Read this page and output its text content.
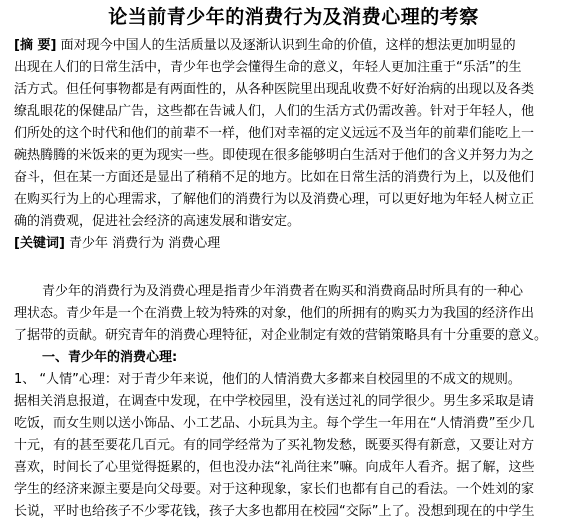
论当前青少年的消费行为及消费心理的考察
[摘 要] 面对现今中国人的生活质量以及逐渐认识到生命的价值，这样的想法更加明显的
出现在人们的日常生活中，青少年也学会懂得生命的意义，年轻人更加注重于“乐活”的生
活方式。但任何事物都是有两面性的，从各种医院里出现乱收费不好好治病的出现以及各类
缭乱眼花的保健品广告，这些都在告诫人们，人们的生活方式仍需改善。针对于年轻人，他
们所处的这个时代和他们的前辈不一样，他们对幸福的定义远远不及当年的前辈们能吃上一
碗热腾腾的米饭来的更为现实一些。即使现在很多能够明白生活对于他们的含义并努力为之
奋斗，但在某一方面还是显出了稍稍不足的地方。比如在日常生活的消费行为上，以及他们
在购买行为上的心理需求，了解他们的消费行为以及消费心理，可以更好地为年轻人树立正
确的消费观，促进社会经济的高速发展和谐安定。
[关键词] 青少年 消费行为 消费心理
青少年的消费行为及消费心理是指青少年消费者在购买和消费商品时所具有的一种心
理状态。青少年是一个在消费上较为特殊的对象，他们的所拥有的购买力为我国的经济作出
了据带的贡献。研究青年的消费心理特征，对企业制定有效的营销策略具有十分重要的意义。
一、青少年的消费心理:
1、 “人情”心理：对于青少年来说，他们的人情消费大多都来自校园里的不成文的规则。
据相关消息报道，在调查中发现，在中学校园里，没有送过礼的同学很少。男生多采取是请
吃饭，而女生则以送小饰品、小工艺品、小玩具为主。每个学生一年用在“人情消费”至少几
十元，有的甚至要花几百元。有的同学经常为了买礼物发愁，既要买得有新意，又要让对方
喜欢，时间长了心里觉得挺累的，但也没办法“礼尚往来”嘛。向成年人看齐。据了解，这些
学生的经济来源主要是向父母要。对于这种现象，家长们也都有自己的看法。一个姓刘的家
长说，平时也给孩子不少零花钱，孩子大多也都用在校园“交际”上了。没想到现在的中学生
